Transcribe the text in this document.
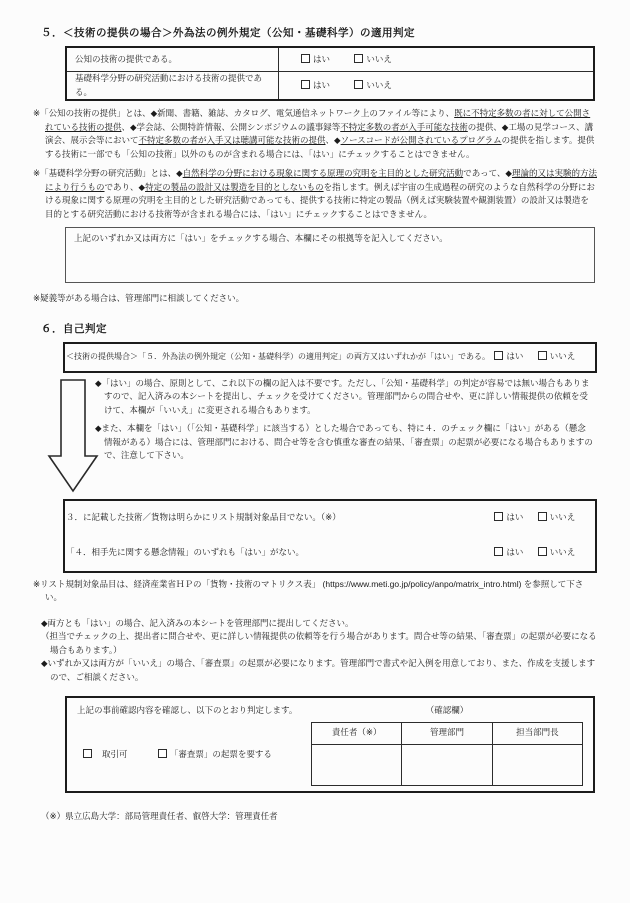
５．＜技術の提供の場合＞外為法の例外規定（公知・基礎科学）の適用判定
公知の技術の提供である。	はい いいえ
基礎科学分野の研究活動における技術の提供である。	はい いいえ
※「公知の技術の提供」とは、◆新聞、書籍、雑誌、カタログ、電気通信ネットワーク上のファイル等により、既に不特定多数の者に対して公開されている技術の提供、◆学会誌、公開特許情報、公開シンポジウムの議事録等不特定多数の者が入手可能な技術の提供、◆工場の見学コース、講演会、展示会等において不特定多数の者が入手又は聴講可能な技術の提供、◆ソースコードが公開されているプログラムの提供を指します。提供する技術に一部でも「公知の技術」以外のものが含まれる場合には、「はい」にチェックすることはできません。
※「基礎科学分野の研究活動」とは、◆自然科学の分野における現象に関する原理の究明を主目的とした研究活動であって、◆理論的又は実験的方法により行うものであり、◆特定の製品の設計又は製造を目的としないものを指します。例えば宇宙の生成過程の研究のような自然科学の分野における現象に関する原理の究明を主目的とした研究活動であっても、提供する技術に特定の製品（例えば実験装置や観測装置）の設計又は製造を目的とする研究活動における技術等が含まれる場合には、「はい」にチェックすることはできません。
上記のいずれか又は両方に「はい」をチェックする場合、本欄にその根拠等を記入してください。
※疑義等がある場合は、管理部門に相談してください。
６．自己判定
＜技術の提供場合＞「５．外為法の例外規定（公知・基礎科学）の適用判定」の両方又はいずれかが「はい」である。	はい	いいえ

◆「はい」の場合、原則として、これ以下の欄の記入は不要です。ただし、「公知・基礎科学」の判定が容易では無い場合もありますので、記入済みの本シートを提出し、チェックを受けてください。管理部門からの問合せや、更に詳しい情報提供の依頼を受けて、本欄が「いいえ」に変更される場合もあります。

◆また、本欄を「はい」（「公知・基礎科学」に該当する）とした場合であっても、特に４．のチェック欄に「はい」がある（懸念情報がある）場合には、管理部門における、問合せ等を含む慎重な審査の結果、「審査票」の起票が必要になる場合もありますので、注意して下さい。

３．に記載した技術／貨物は明らかにリスト規制対象品目でない。（※）	はい いいえ
「４．相手先に関する懸念情報」のいずれも「はい」がない。	はい いいえ
※リスト規制対象品目は、経済産業省ＨＰの「貨物・技術のマトリクス表」 (https://www.meti.go.jp/policy/anpo/matrix_intro.html) を参照して下さい。

◆両方とも「はい」の場合、記入済みの本シートを管理部門に提出してください。

（担当でチェックの上、提出者に問合せや、更に詳しい情報提供の依頼等を行う場合があります。問合せ等の結果、「審査票」の起票が必要になる場合もあります。）

◆いずれか又は両方が「いいえ」の場合、「審査票」の起票が必要になります。管理部門で書式や記入例を用意しており、また、作成を支援しますので、ご相談ください。

上記の事前確認内容を確認し、以下のとおり判定します。
取引可	「審査票」の起票を要する
（確認欄）
責任者（※）	管理部門	担当部門長

（※）県立広島大学：部局管理責任者、叡啓大学：管理責任者
